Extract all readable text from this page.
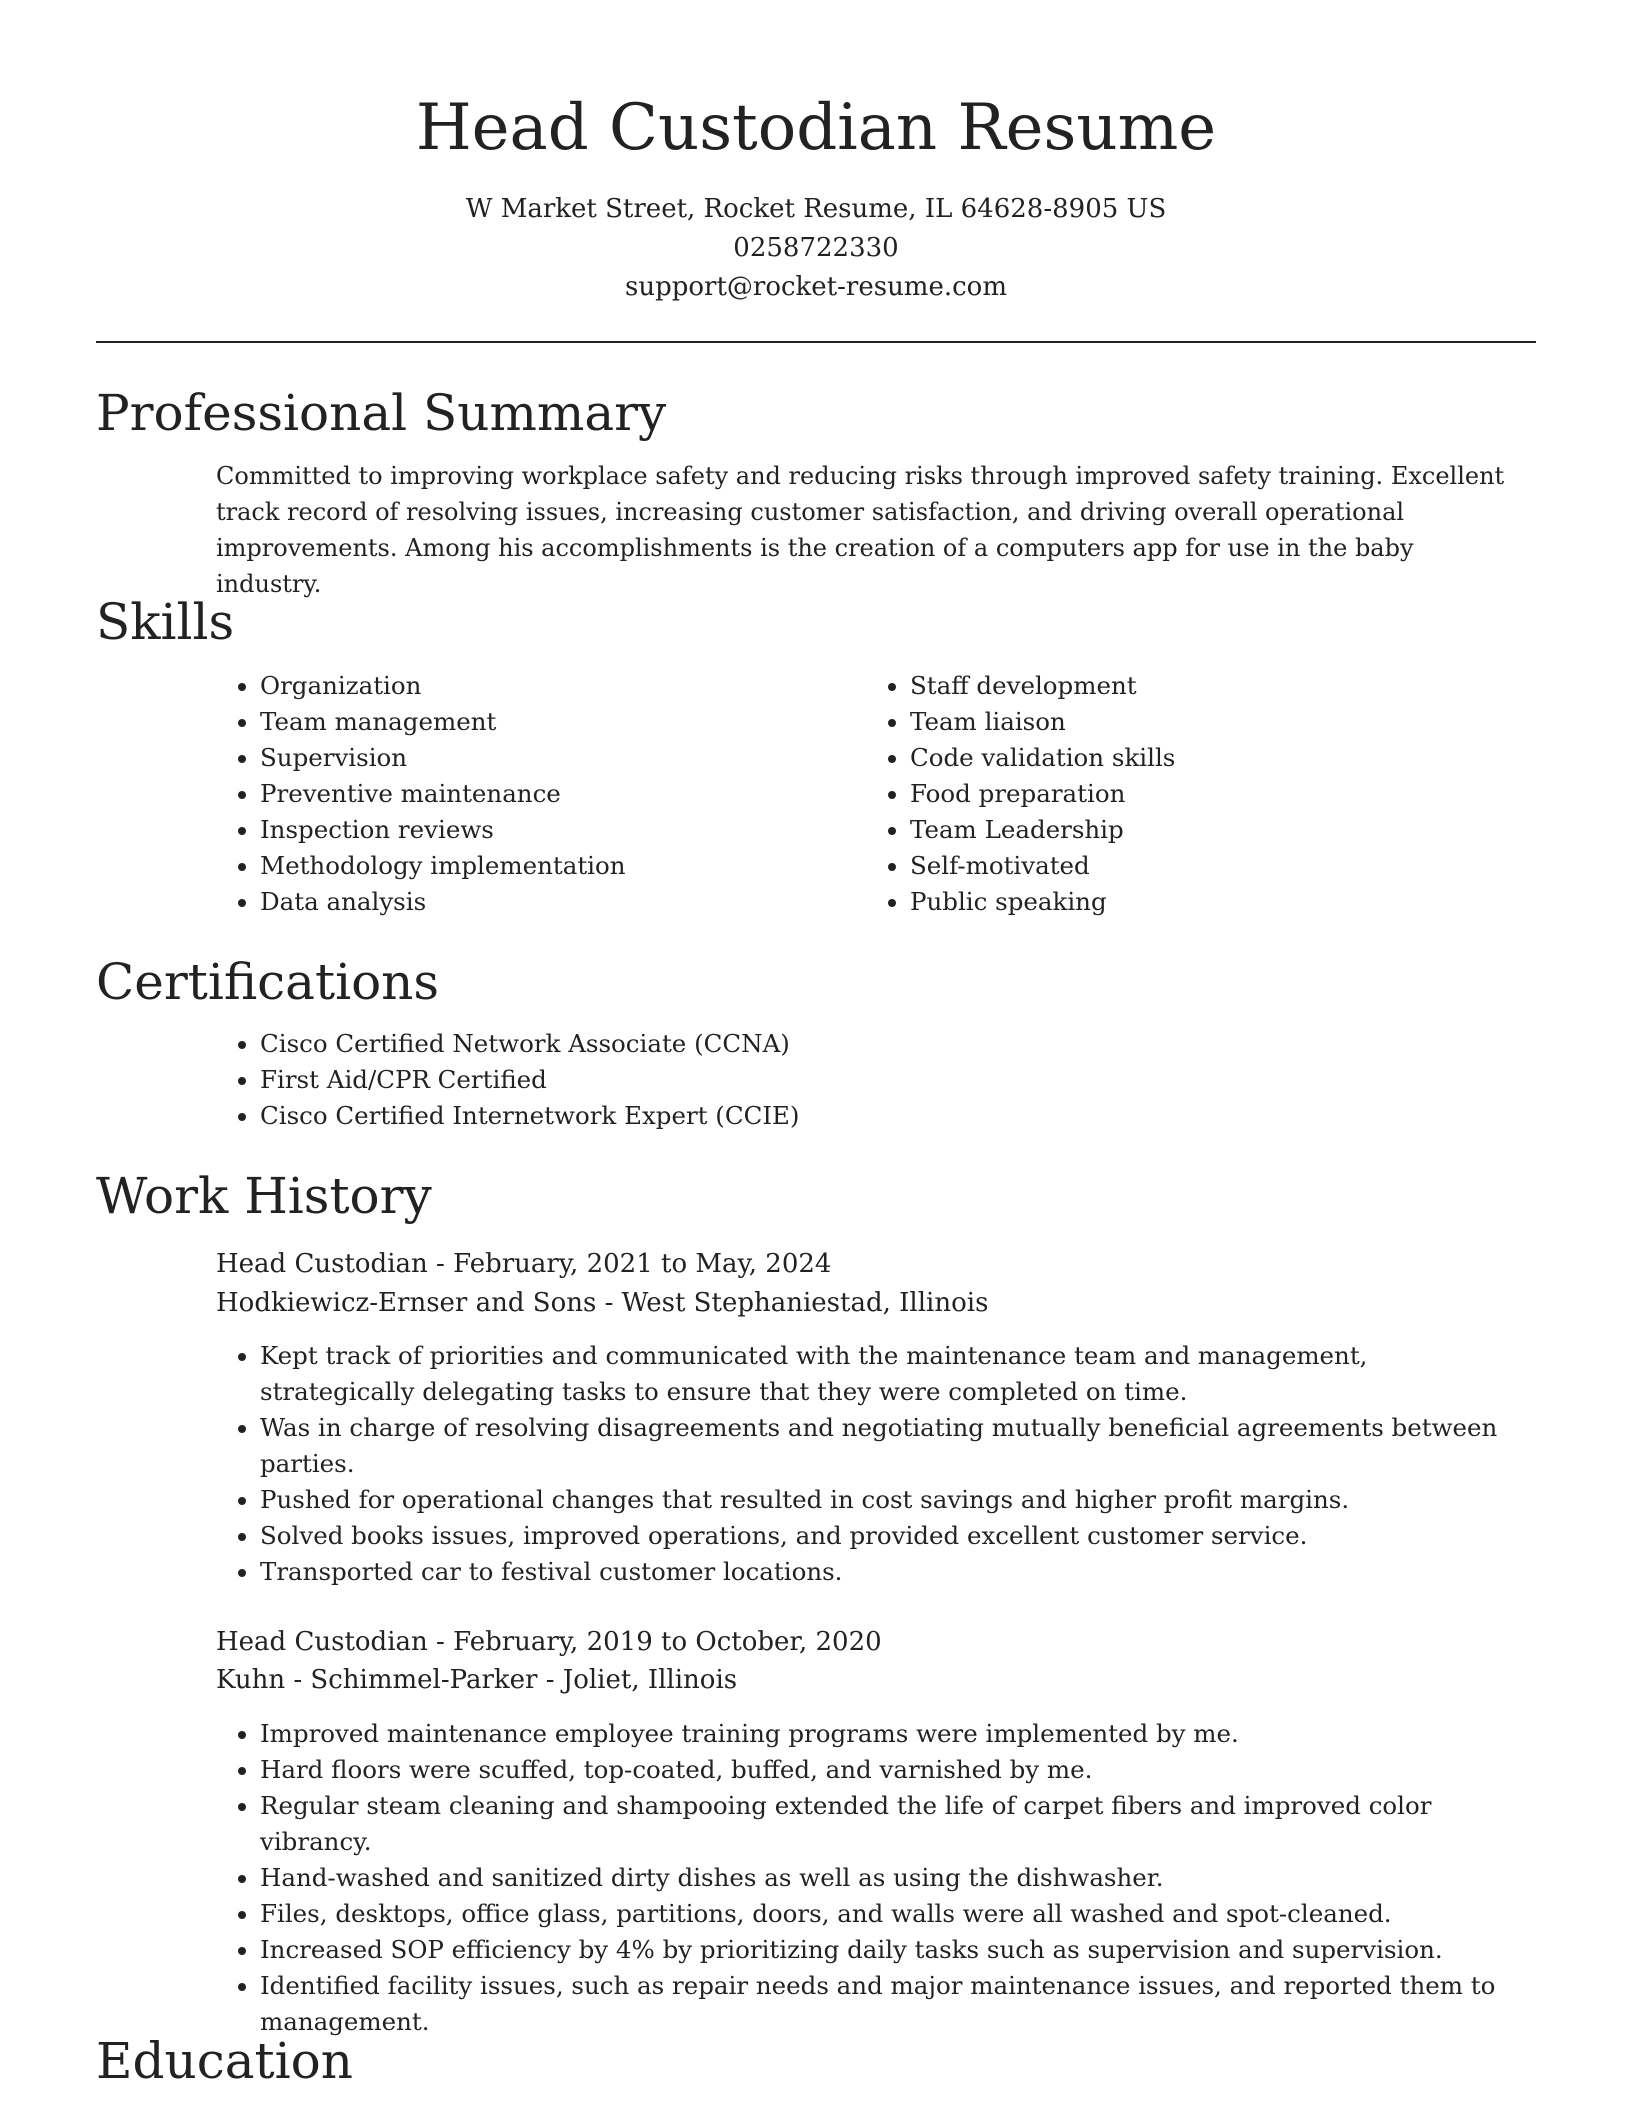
Head Custodian Resume
W Market Street, Rocket Resume, IL 64628-8905 US
0258722330
support@rocket-resume.com
Professional Summary
Committed to improving workplace safety and reducing risks through improved safety training. Excellent
track record of resolving issues, increasing customer satisfaction, and driving overall operational
improvements. Among his accomplishments is the creation of a computers app for use in the baby industry.
Skills
• Organization
• Team management
• Supervision
• Preventive maintenance
• Inspection reviews
• Methodology implementation
• Data analysis
• Staff development
• Team liaison
• Code validation skills
• Food preparation
• Team Leadership
• Self-motivated
• Public speaking
Certifications
• Cisco Certified Network Associate (CCNA)
• First Aid/CPR Certified
• Cisco Certified Internetwork Expert (CCIE)
Work History
Head Custodian - February, 2021 to May, 2024
Hodkiewicz-Ernser and Sons - West Stephaniestad, Illinois
• Kept track of priorities and communicated with the maintenance team and management, strategically delegating tasks to ensure that they were completed on time.
• Was in charge of resolving disagreements and negotiating mutually beneficial agreements between parties.
• Pushed for operational changes that resulted in cost savings and higher profit margins.
• Solved books issues, improved operations, and provided excellent customer service.
• Transported car to festival customer locations.
Head Custodian - February, 2019 to October, 2020
Kuhn - Schimmel-Parker - Joliet, Illinois
• Improved maintenance employee training programs were implemented by me.
• Hard floors were scuffed, top-coated, buffed, and varnished by me.
• Regular steam cleaning and shampooing extended the life of carpet fibers and improved color vibrancy.
• Hand-washed and sanitized dirty dishes as well as using the dishwasher.
• Files, desktops, office glass, partitions, doors, and walls were all washed and spot-cleaned.
• Increased SOP efficiency by 4% by prioritizing daily tasks such as supervision and supervision.
• Identified facility issues, such as repair needs and major maintenance issues, and reported them to management.
Education
